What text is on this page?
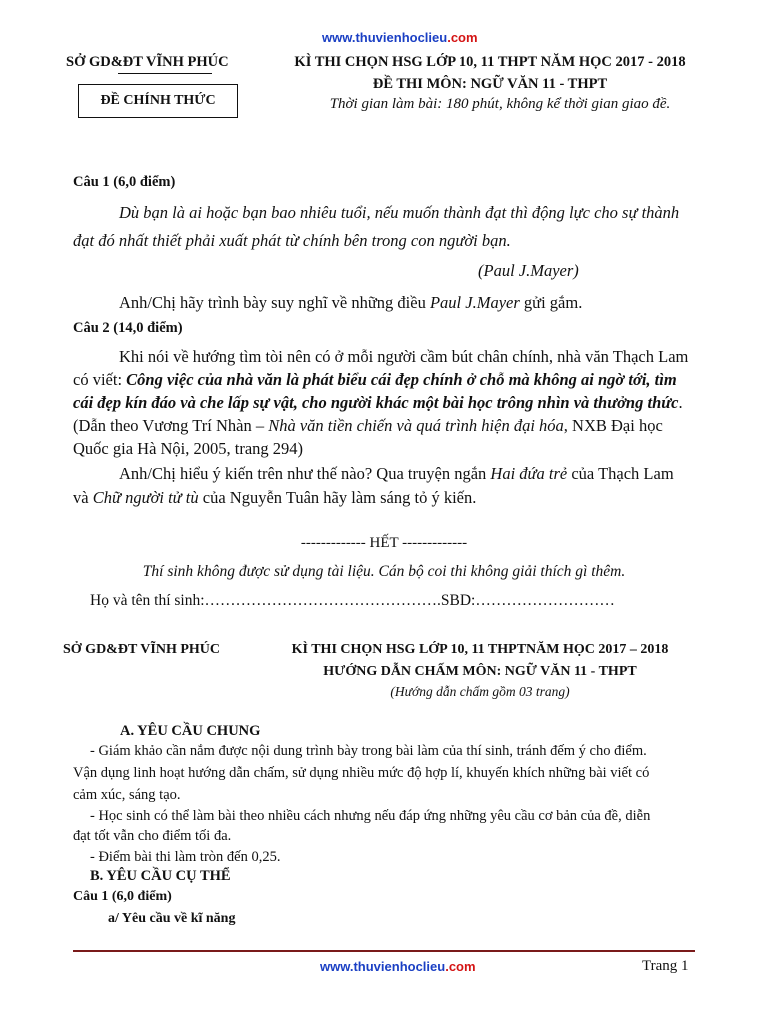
www.thuvienhoclieu.com
SỞ GD&ĐT VĨNH PHÚC
ĐỀ CHÍNH THỨC
KÌ THI CHỌN HSG LỚP 10, 11 THPT NĂM HỌC 2017 - 2018
ĐỀ THI MÔN: NGỮ VĂN 11 - THPT
Thời gian làm bài: 180 phút, không kể thời gian giao đề.
Câu 1 (6,0 điểm)
Dù bạn là ai hoặc bạn bao nhiêu tuổi, nếu muốn thành đạt thì động lực cho sự thành
đạt đó nhất thiết phải xuất phát từ chính bên trong con người bạn.
(Paul J.Mayer)
Anh/Chị hãy trình bày suy nghĩ về những điều Paul J.Mayer gửi gắm.
Câu 2 (14,0 điểm)
Khi nói về hướng tìm tòi nên có ở mỗi người cầm bút chân chính, nhà văn Thạch Lam
có viết: Công việc của nhà văn là phát biểu cái đẹp chính ở chỗ mà không ai ngờ tới, tìm
cái đẹp kín đáo và che lấp sự vật, cho người khác một bài học trông nhìn và thưởng thức.
(Dẫn theo Vương Trí Nhàn – Nhà văn tiền chiến và quá trình hiện đại hóa, NXB Đại học
Quốc gia Hà Nội, 2005, trang 294)
Anh/Chị hiểu ý kiến trên như thế nào? Qua truyện ngắn Hai đứa trẻ của Thạch Lam
và Chữ người tử tù của Nguyễn Tuân hãy làm sáng tỏ ý kiến.
------------- HẾT -------------
Thí sinh không được sử dụng tài liệu. Cán bộ coi thi không giải thích gì thêm.
Họ và tên thí sinh:……………………………………….SBD:………………………
SỞ GD&ĐT VĨNH PHÚC	KÌ THI CHỌN HSG LỚP 10, 11 THPTNĂM HỌC 2017 – 2018
HƯỚNG DẪN CHẤM MÔN: NGỮ VĂN 11 - THPT
(Hướng dẫn chấm gồm 03 trang)
A. YÊU CẦU CHUNG
- Giám khảo cần nắm được nội dung trình bày trong bài làm của thí sinh, tránh đếm ý cho điểm.
Vận dụng linh hoạt hướng dẫn chấm, sử dụng nhiều mức độ hợp lí, khuyến khích những bài viết có
cảm xúc, sáng tạo.
- Học sinh có thể làm bài theo nhiều cách nhưng nếu đáp ứng những yêu cầu cơ bản của đề, diễn
đạt tốt vẫn cho điểm tối đa.
- Điểm bài thi làm tròn đến 0,25.
B. YÊU CẦU CỤ THỂ
Câu 1 (6,0 điểm)
a/ Yêu cầu về kĩ năng
www.thuvienhoclieu.com	Trang 1
